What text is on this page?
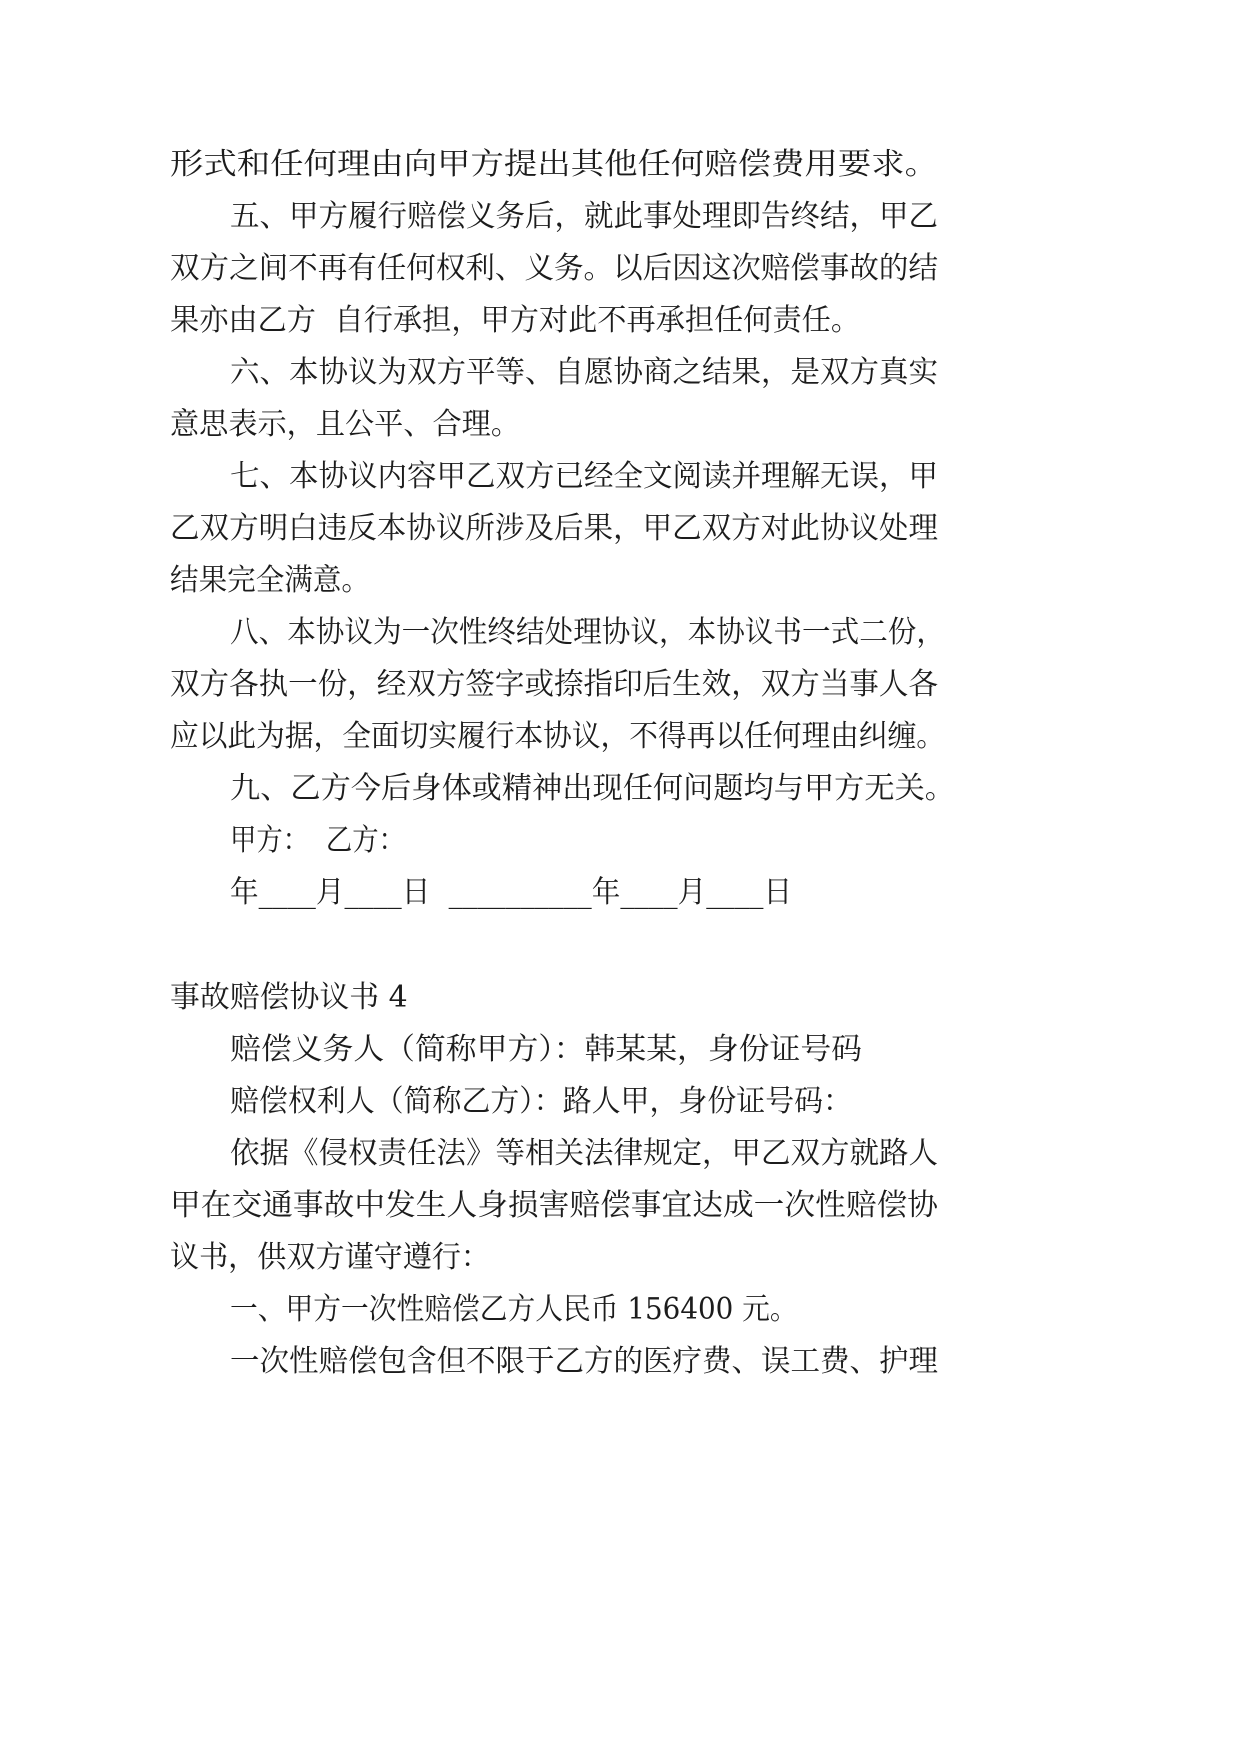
形式和任何理由向甲方提出其他任何赔偿费用要求。
五、甲方履行赔偿义务后，就此事处理即告终结，甲乙
双方之间不再有任何权利、义务。以后因这次赔偿事故的结
果亦由乙方  自行承担，甲方对此不再承担任何责任。
六、本协议为双方平等、自愿协商之结果，是双方真实
意思表示，且公平、合理。
七、本协议内容甲乙双方已经全文阅读并理解无误，甲
乙双方明白违反本协议所涉及后果，甲乙双方对此协议处理
结果完全满意。
八、本协议为一次性终结处理协议，本协议书一式二份，
双方各执一份，经双方签字或捺指印后生效，双方当事人各
应以此为据，全面切实履行本协议，不得再以任何理由纠缠。
九、乙方今后身体或精神出现任何问题均与甲方无关。
甲方：  乙方：
年____月____日  __________年____月____日
事故赔偿协议书 4
赔偿义务人（简称甲方）：韩某某，身份证号码
赔偿权利人（简称乙方）：路人甲，身份证号码：
依据《侵权责任法》等相关法律规定，甲乙双方就路人
甲在交通事故中发生人身损害赔偿事宜达成一次性赔偿协
议书，供双方谨守遵行：
一、甲方一次性赔偿乙方人民币 156400 元。
一次性赔偿包含但不限于乙方的医疗费、误工费、护理
